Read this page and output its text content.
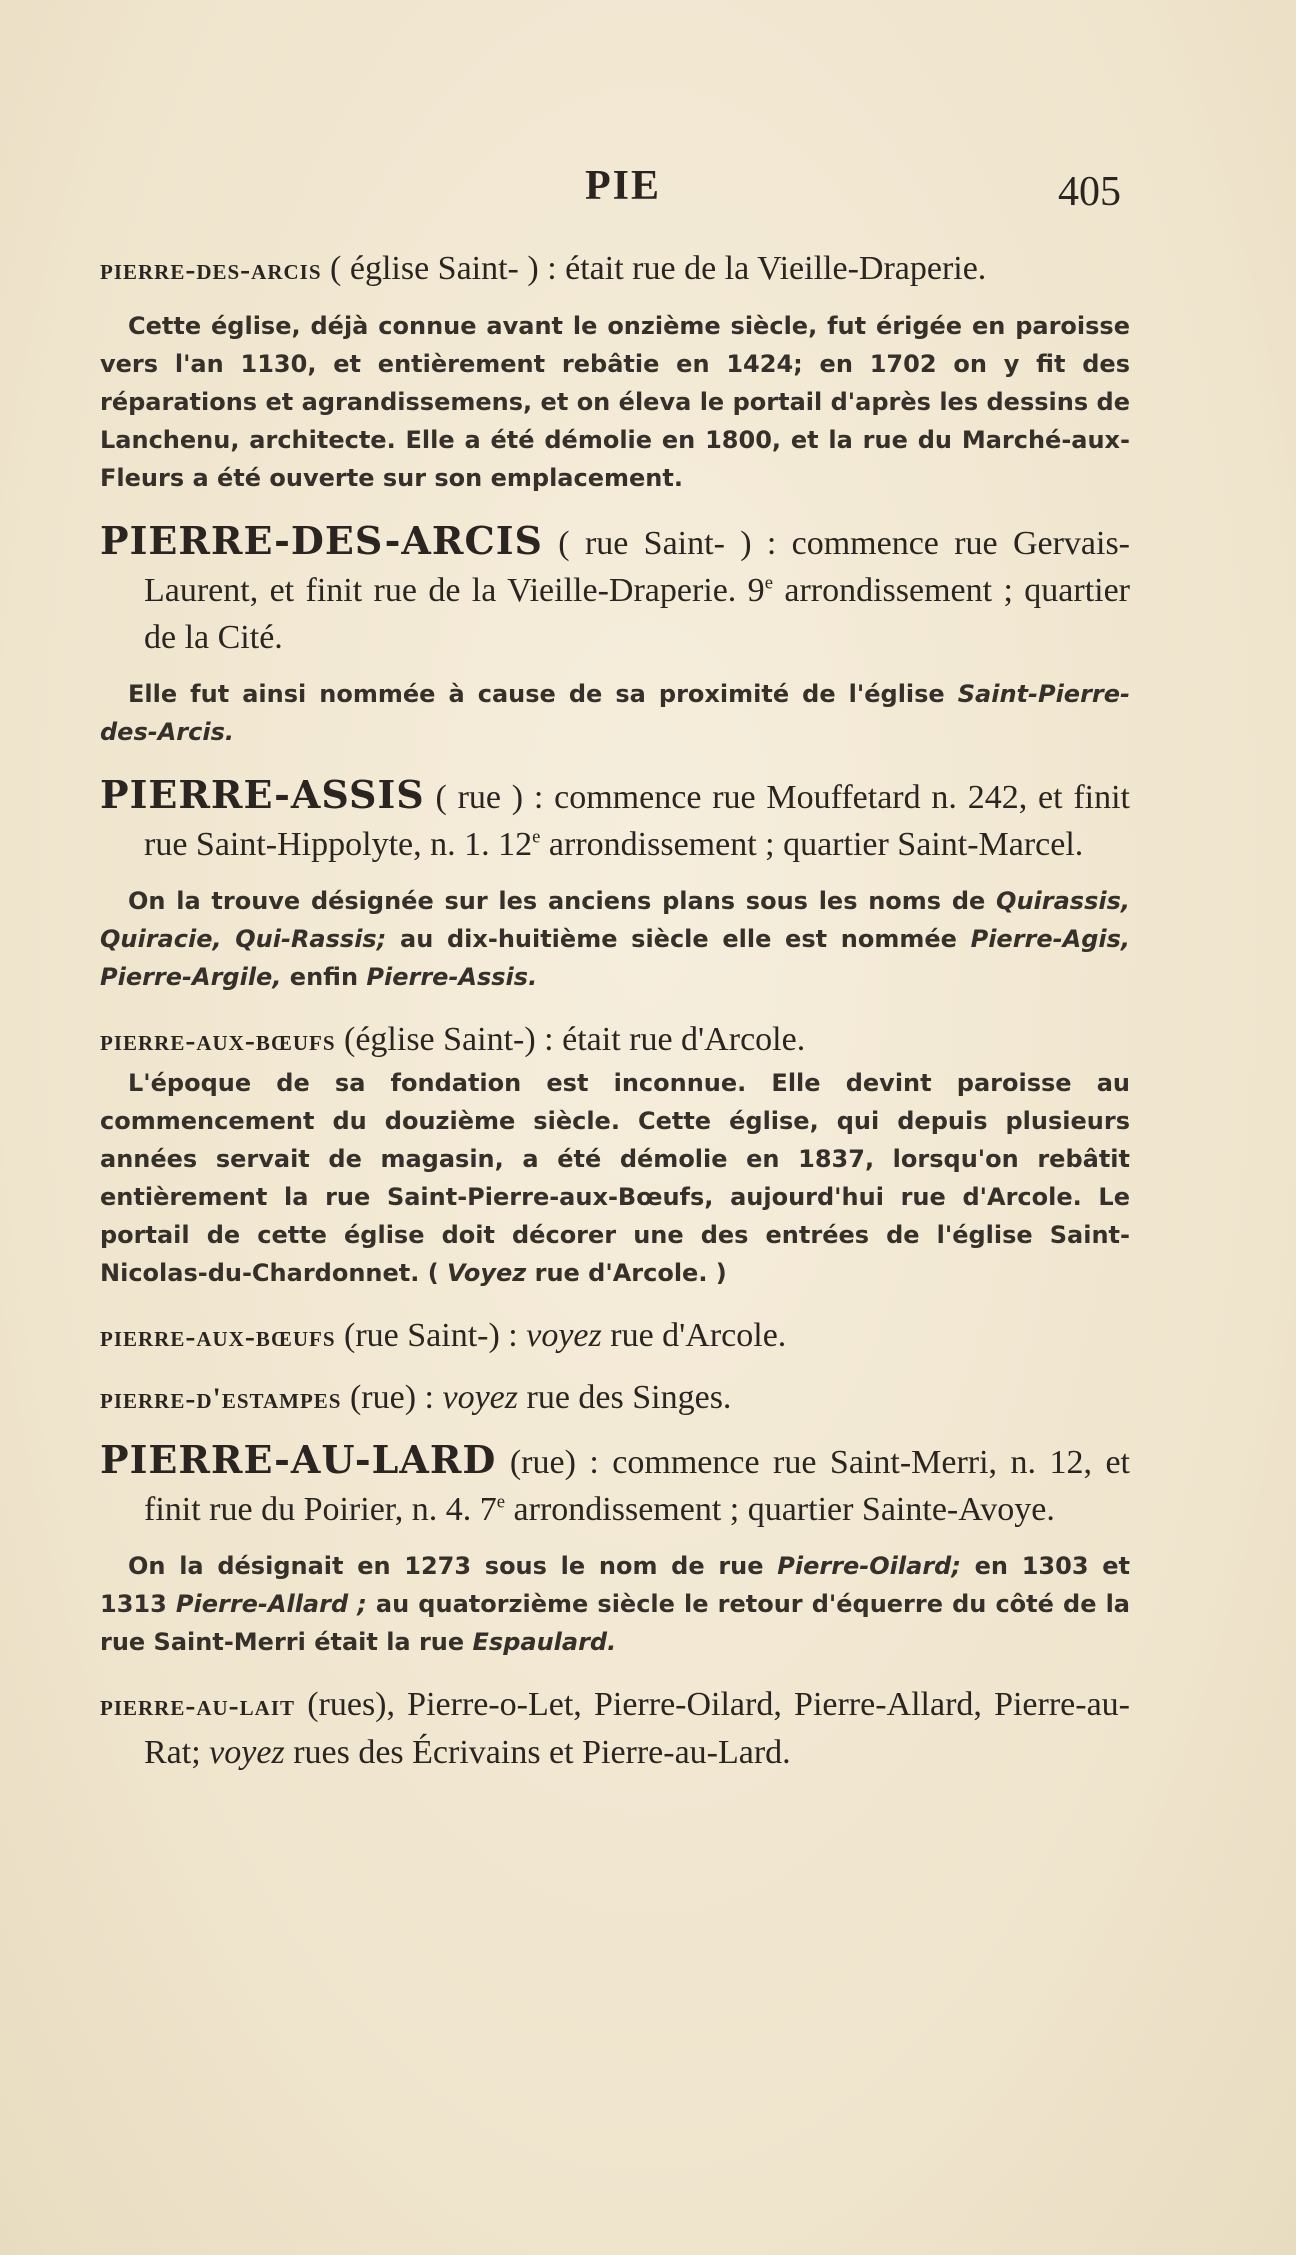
PIE	405
pierre-des-arcis ( église Saint- ) : était rue de la Vieille-Draperie.
Cette église, déjà connue avant le onzième siècle, fut érigée en paroisse vers l'an 1130, et entièrement rebâtie en 1424; en 1702 on y fit des réparations et agrandissemens, et on éleva le portail d'après les dessins de Lanchenu, architecte. Elle a été démolie en 1800, et la rue du Marché-aux-Fleurs a été ouverte sur son emplacement.
PIERRE-DES-ARCIS ( rue Saint- ) : commence rue Gervais-Laurent, et finit rue de la Vieille-Draperie. 9e arrondissement ; quartier de la Cité.
Elle fut ainsi nommée à cause de sa proximité de l'église Saint-Pierre-des-Arcis.
PIERRE-ASSIS ( rue ) : commence rue Mouffetard n. 242, et finit rue Saint-Hippolyte, n. 1. 12e arrondissement ; quartier Saint-Marcel.
On la trouve désignée sur les anciens plans sous les noms de Quirassis, Quiracie, Qui-Rassis; au dix-huitième siècle elle est nommée Pierre-Agis, Pierre-Argile, enfin Pierre-Assis.
pierre-aux-bœufs (église Saint-) : était rue d'Arcole.
L'époque de sa fondation est inconnue. Elle devint paroisse au commencement du douzième siècle. Cette église, qui depuis plusieurs années servait de magasin, a été démolie en 1837, lorsqu'on rebâtit entièrement la rue Saint-Pierre-aux-Bœufs, aujourd'hui rue d'Arcole. Le portail de cette église doit décorer une des entrées de l'église Saint-Nicolas-du-Chardonnet. ( Voyez rue d'Arcole. )
pierre-aux-bœufs (rue Saint-) : voyez rue d'Arcole.
pierre-d'estampes (rue) : voyez rue des Singes.
PIERRE-AU-LARD (rue) : commence rue Saint-Merri, n. 12, et finit rue du Poirier, n. 4. 7e arrondissement ; quartier Sainte-Avoye.
On la désignait en 1273 sous le nom de rue Pierre-Oilard; en 1303 et 1313 Pierre-Allard ; au quatorzième siècle le retour d'équerre du côté de la rue Saint-Merri était la rue Espaulard.
pierre-au-lait (rues), Pierre-o-Let, Pierre-Oilard, Pierre-Allard, Pierre-au-Rat; voyez rues des Écrivains et Pierre-au-Lard.
